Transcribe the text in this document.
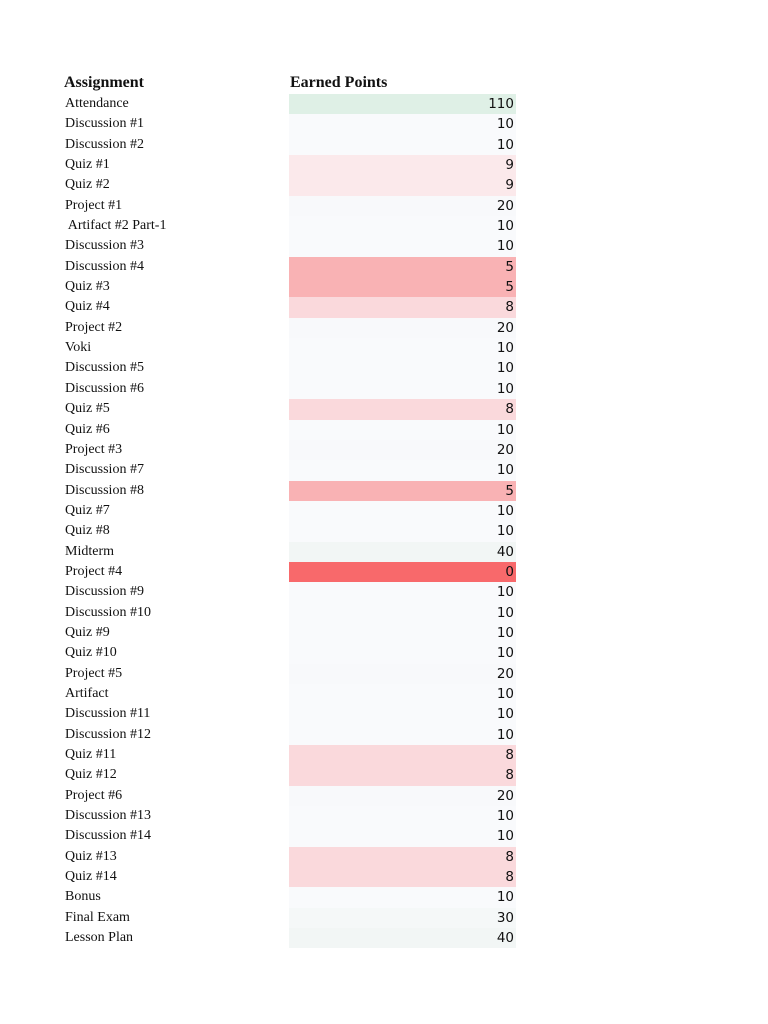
Assignment	Earned Points
Attendance	110
Discussion #1	10
Discussion #2	10
Quiz #1	9
Quiz #2	9
Project #1	20
Artifact #2 Part-1	10
Discussion #3	10
Discussion #4	5
Quiz #3	5
Quiz #4	8
Project #2	20
Voki	10
Discussion #5	10
Discussion #6	10
Quiz #5	8
Quiz #6	10
Project #3	20
Discussion #7	10
Discussion #8	5
Quiz #7	10
Quiz #8	10
Midterm	40
Project #4	0
Discussion #9	10
Discussion #10	10
Quiz #9	10
Quiz #10	10
Project #5	20
Artifact	10
Discussion #11	10
Discussion #12	10
Quiz #11	8
Quiz #12	8
Project #6	20
Discussion #13	10
Discussion #14	10
Quiz #13	8
Quiz #14	8
Bonus	10
Final Exam	30
Lesson Plan	40
